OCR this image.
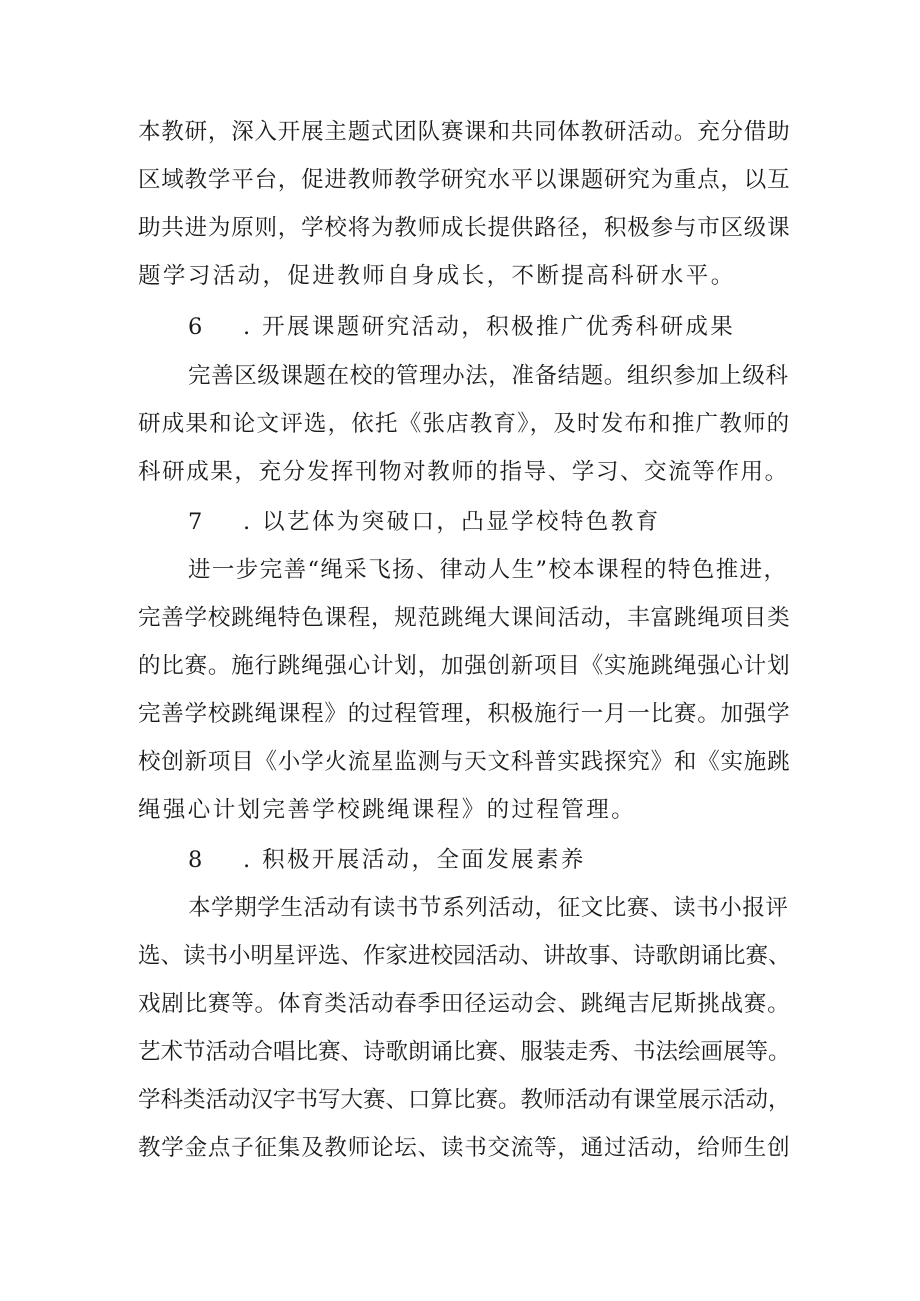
本教研，深入开展主题式团队赛课和共同体教研活动。充分借助
区域教学平台，促进教师教学研究水平以课题研究为重点，以互
助共进为原则，学校将为教师成长提供路径，积极参与市区级课
题学习活动，促进教师自身成长，不断提高科研水平。
6 . 开展课题研究活动，积极推广优秀科研成果
完善区级课题在校的管理办法，准备结题。组织参加上级科
研成果和论文评选，依托《张店教育》，及时发布和推广教师的
科研成果，充分发挥刊物对教师的指导、学习、交流等作用。
7 . 以艺体为突破口，凸显学校特色教育
进一步完善“绳采飞扬、律动人生”校本课程的特色推进，
完善学校跳绳特色课程，规范跳绳大课间活动，丰富跳绳项目类
的比赛。施行跳绳强心计划，加强创新项目《实施跳绳强心计划
完善学校跳绳课程》的过程管理，积极施行一月一比赛。加强学
校创新项目《小学火流星监测与天文科普实践探究》和《实施跳
绳强心计划完善学校跳绳课程》的过程管理。
8 . 积极开展活动，全面发展素养
本学期学生活动有读书节系列活动，征文比赛、读书小报评
选、读书小明星评选、作家进校园活动、讲故事、诗歌朗诵比赛、
戏剧比赛等。体育类活动春季田径运动会、跳绳吉尼斯挑战赛。
艺术节活动合唱比赛、诗歌朗诵比赛、服装走秀、书法绘画展等。
学科类活动汉字书写大赛、口算比赛。教师活动有课堂展示活动，
教学金点子征集及教师论坛、读书交流等，通过活动，给师生创
